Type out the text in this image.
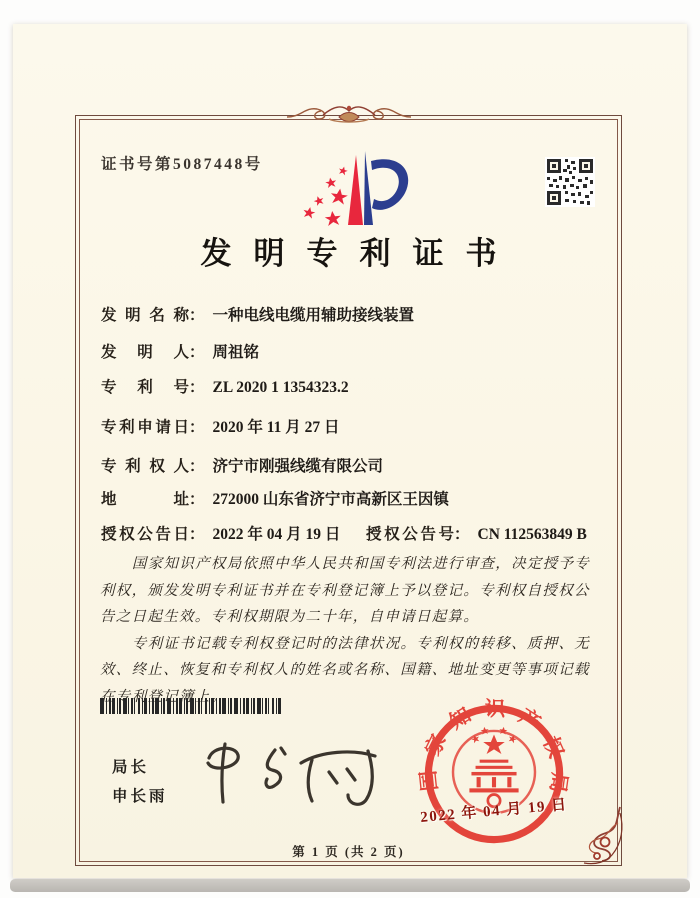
证书号第5087448号
发明专利证书
发明名称： 一种电线电缆用辅助接线装置
发明人： 周祖铭
专利号： ZL 2020 1 1354323.2
专利申请日： 2020 年 11 月 27 日
专利权人： 济宁市刚强线缆有限公司
地址： 272000 山东省济宁市高新区王因镇
授权公告日： 2022 年 04 月 19 日 授权公告号： CN 112563849 B

国家知识产权局依照中华人民共和国专利法进行审查，决定授予专利权，颁发发明专利证书并在专利登记簿上予以登记。专利权自授权公告之日起生效。专利权期限为二十年，自申请日起算。

专利证书记载专利权登记时的法律状况。专利权的转移、质押、无效、终止、恢复和专利权人的姓名或名称、国籍、地址变更等事项记载在专利登记簿上。

局长
申长雨
国家知识产权局
2022 年 04 月 19 日
第 1 页 (共 2 页)
